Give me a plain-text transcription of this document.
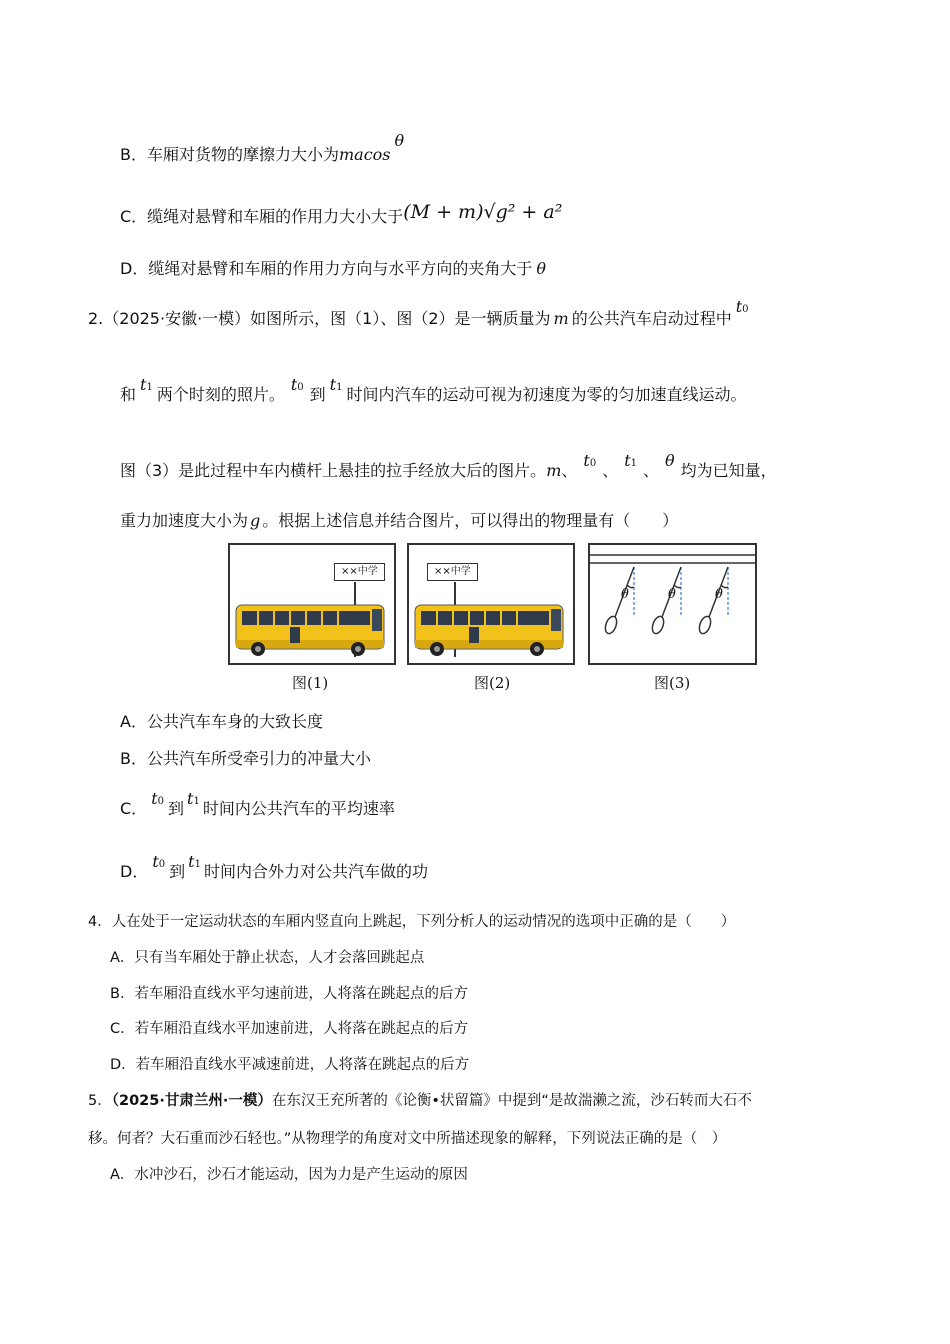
B．车厢对货物的摩擦力大小为macosθ
C．缆绳对悬臂和车厢的作用力大小大于(M + m)√g² + a²
D．缆绳对悬臂和车厢的作用力方向与水平方向的夹角大于 θ
2.（2025·安徽·一模）如图所示，图（1）、图（2）是一辆质量为 m 的公共汽车启动过程中t0
和t1 两个时刻的照片。t0 到t1 时间内汽车的运动可视为初速度为零的匀加速直线运动。
图（3）是此过程中车内横杆上悬挂的拉手经放大后的图片。m、t0 、t1 、θ均为已知量，
重力加速度大小为 g 。根据上述信息并结合图片，可以得出的物理量有（　　）
××中学
图(1)
××中学
图(2)
θ	θ	θ
图(3)
A．公共汽车车身的大致长度
B．公共汽车所受牵引力的冲量大小
C．t0 到t1 时间内公共汽车的平均速率
D．t0 到t1 时间内合外力对公共汽车做的功
4．人在处于一定运动状态的车厢内竖直向上跳起，下列分析人的运动情况的选项中正确的是（　　）
A．只有当车厢处于静止状态，人才会落回跳起点
B．若车厢沿直线水平匀速前进，人将落在跳起点的后方
C．若车厢沿直线水平加速前进，人将落在跳起点的后方
D．若车厢沿直线水平减速前进，人将落在跳起点的后方
5．（2025·甘肃兰州·一模）在东汉王充所著的《论衡•状留篇》中提到“是故湍濑之流，沙石转而大石不
移。何者？大石重而沙石轻也。”从物理学的角度对文中所描述现象的解释，下列说法正确的是（　）
A．水冲沙石，沙石才能运动，因为力是产生运动的原因
